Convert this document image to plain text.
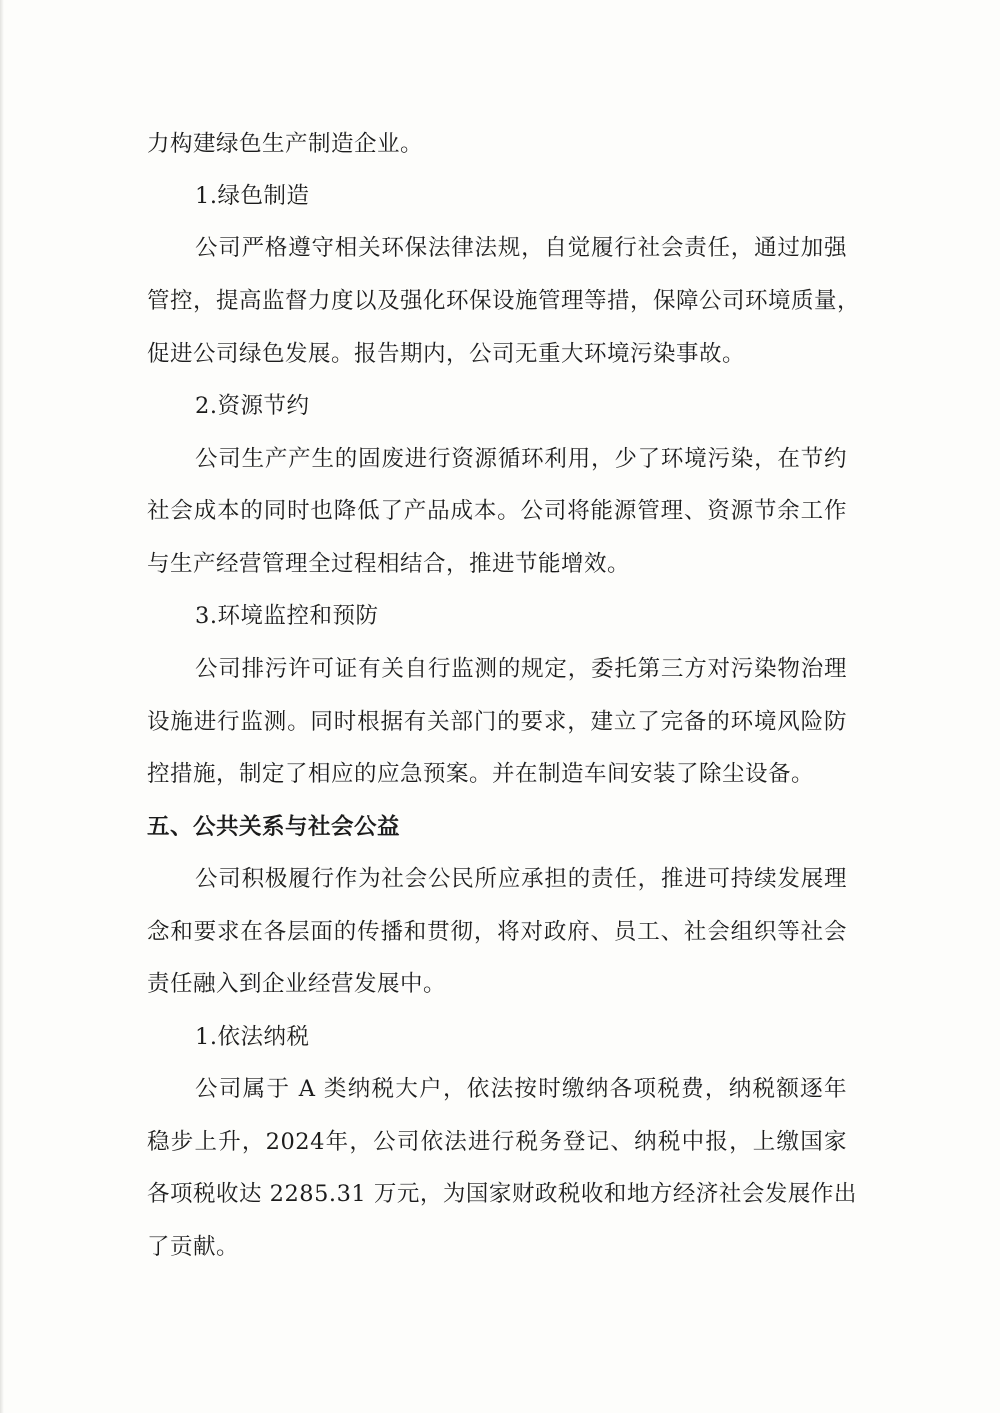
力构建绿色生产制造企业。
1.绿色制造
公司严格遵守相关环保法律法规，自觉履行社会责任，通过加强
管控，提高监督力度以及强化环保设施管理等措，保障公司环境质量，
促进公司绿色发展。报告期内，公司无重大环境污染事故。
2.资源节约
公司生产产生的固废进行资源循环利用，少了环境污染，在节约
社会成本的同时也降低了产品成本。公司将能源管理、资源节余工作
与生产经营管理全过程相结合，推进节能增效。
3.环境监控和预防
公司排污许可证有关自行监测的规定，委托第三方对污染物治理
设施进行监测。同时根据有关部门的要求，建立了完备的环境风险防
控措施，制定了相应的应急预案。并在制造车间安装了除尘设备。
五、公共关系与社会公益
公司积极履行作为社会公民所应承担的责任，推进可持续发展理
念和要求在各层面的传播和贯彻，将对政府、员工、社会组织等社会
责任融入到企业经营发展中。
1.依法纳税
公司属于 A 类纳税大户，依法按时缴纳各项税费，纳税额逐年
稳步上升，2024年，公司依法进行税务登记、纳税中报，上缴国家
各项税收达 2285.31 万元，为国家财政税收和地方经济社会发展作出
了贡献。
